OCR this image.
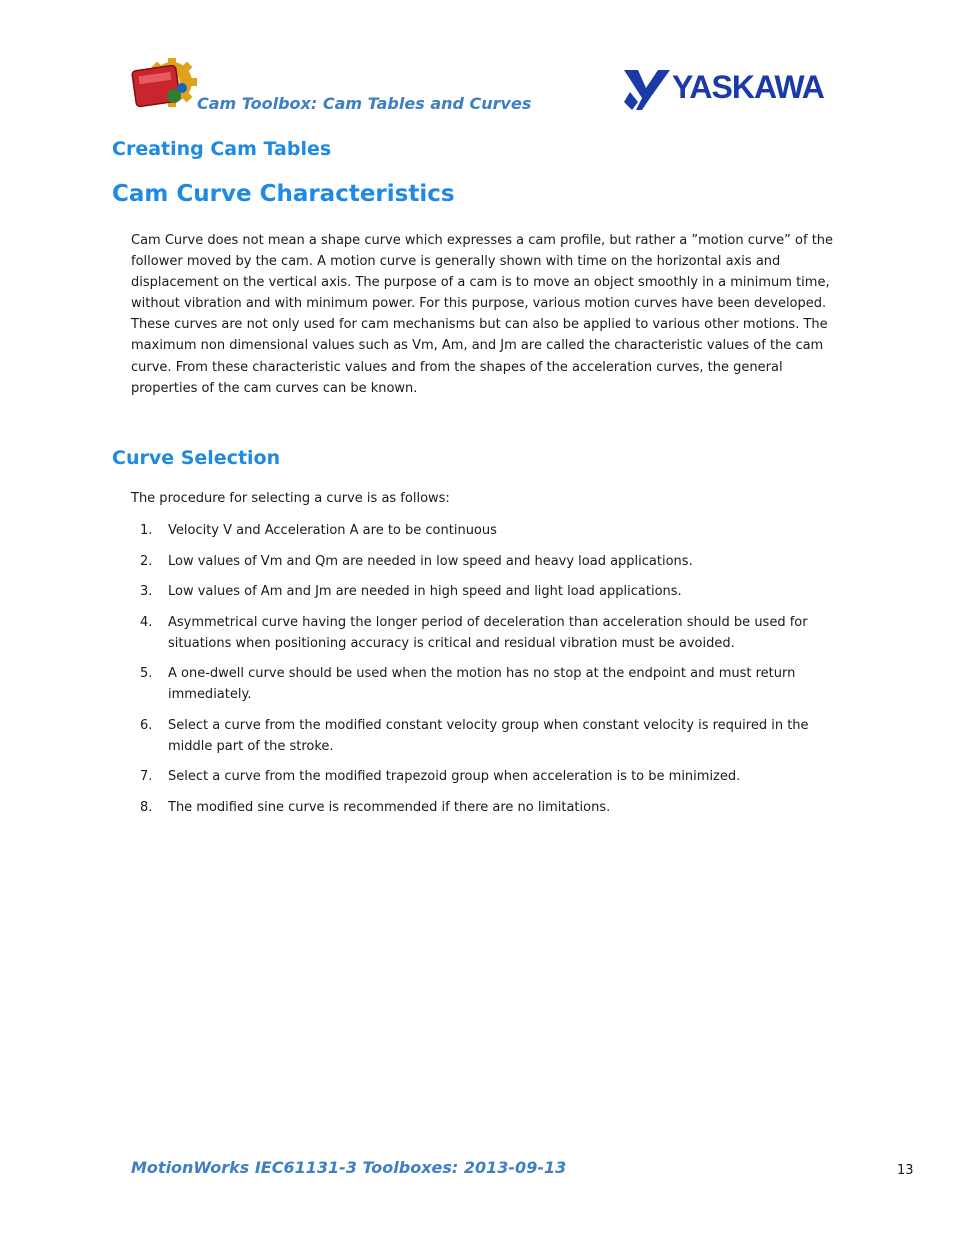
Cam Toolbox: Cam Tables and Curves	YASKAWA
Creating Cam Tables
Cam Curve Characteristics

Cam Curve does not mean a shape curve which expresses a cam profile, but rather a ”motion curve” of the follower moved by the cam. A motion curve is generally shown with time on the horizontal axis and displacement on the vertical axis. The purpose of a cam is to move an object smoothly in a minimum time, without vibration and with minimum power. For this purpose, various motion curves have been developed. These curves are not only used for cam mechanisms but can also be applied to various other motions. The maximum non dimensional values such as Vm, Am, and Jm are called the characteristic values of the cam curve. From these characteristic values and from the shapes of the acceleration curves, the general properties of the cam curves can be known.

Curve Selection

The procedure for selecting a curve is as follows:

1. Velocity V and Acceleration A are to be continuous
2. Low values of Vm and Qm are needed in low speed and heavy load applications.
3. Low values of Am and Jm are needed in high speed and light load applications.
4. Asymmetrical curve having the longer period of deceleration than acceleration should be used for situations when positioning accuracy is critical and residual vibration must be avoided.
5. A one-dwell curve should be used when the motion has no stop at the endpoint and must return immediately.
6. Select a curve from the modified constant velocity group when constant velocity is required in the middle part of the stroke.
7. Select a curve from the modified trapezoid group when acceleration is to be minimized.
8. The modified sine curve is recommended if there are no limitations.
MotionWorks IEC61131-3 Toolboxes: 2013-09-13	13
